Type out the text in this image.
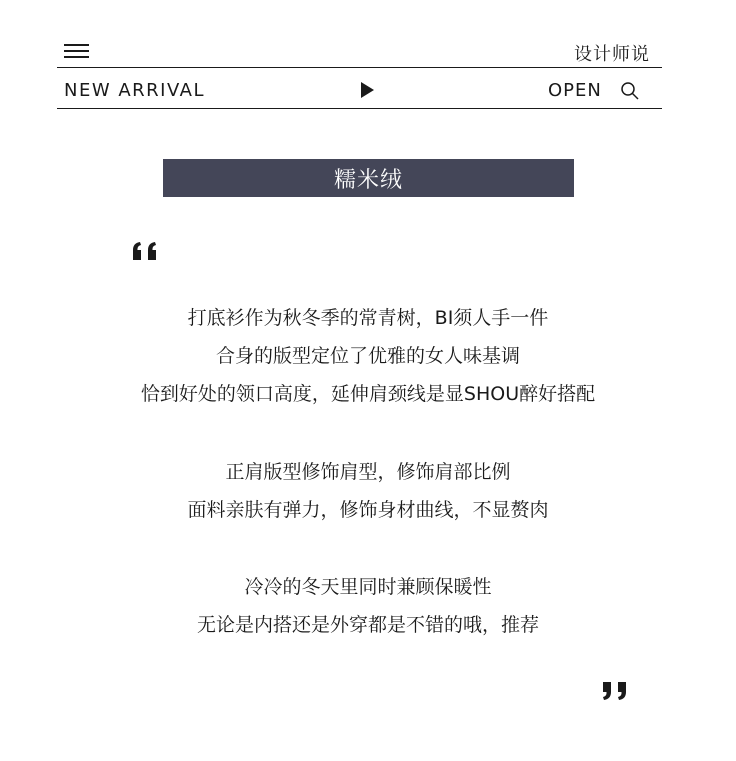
设计师说
NEW ARRIVAL	OPEN
糯米绒
打底衫作为秋冬季的常青树，BI须人手一件
合身的版型定位了优雅的女人味基调
恰到好处的领口高度，延伸肩颈线是显SHOU醉好搭配
正肩版型修饰肩型，修饰肩部比例
面料亲肤有弹力，修饰身材曲线，不显赘肉
冷冷的冬天里同时兼顾保暖性
无论是内搭还是外穿都是不错的哦，推荐
